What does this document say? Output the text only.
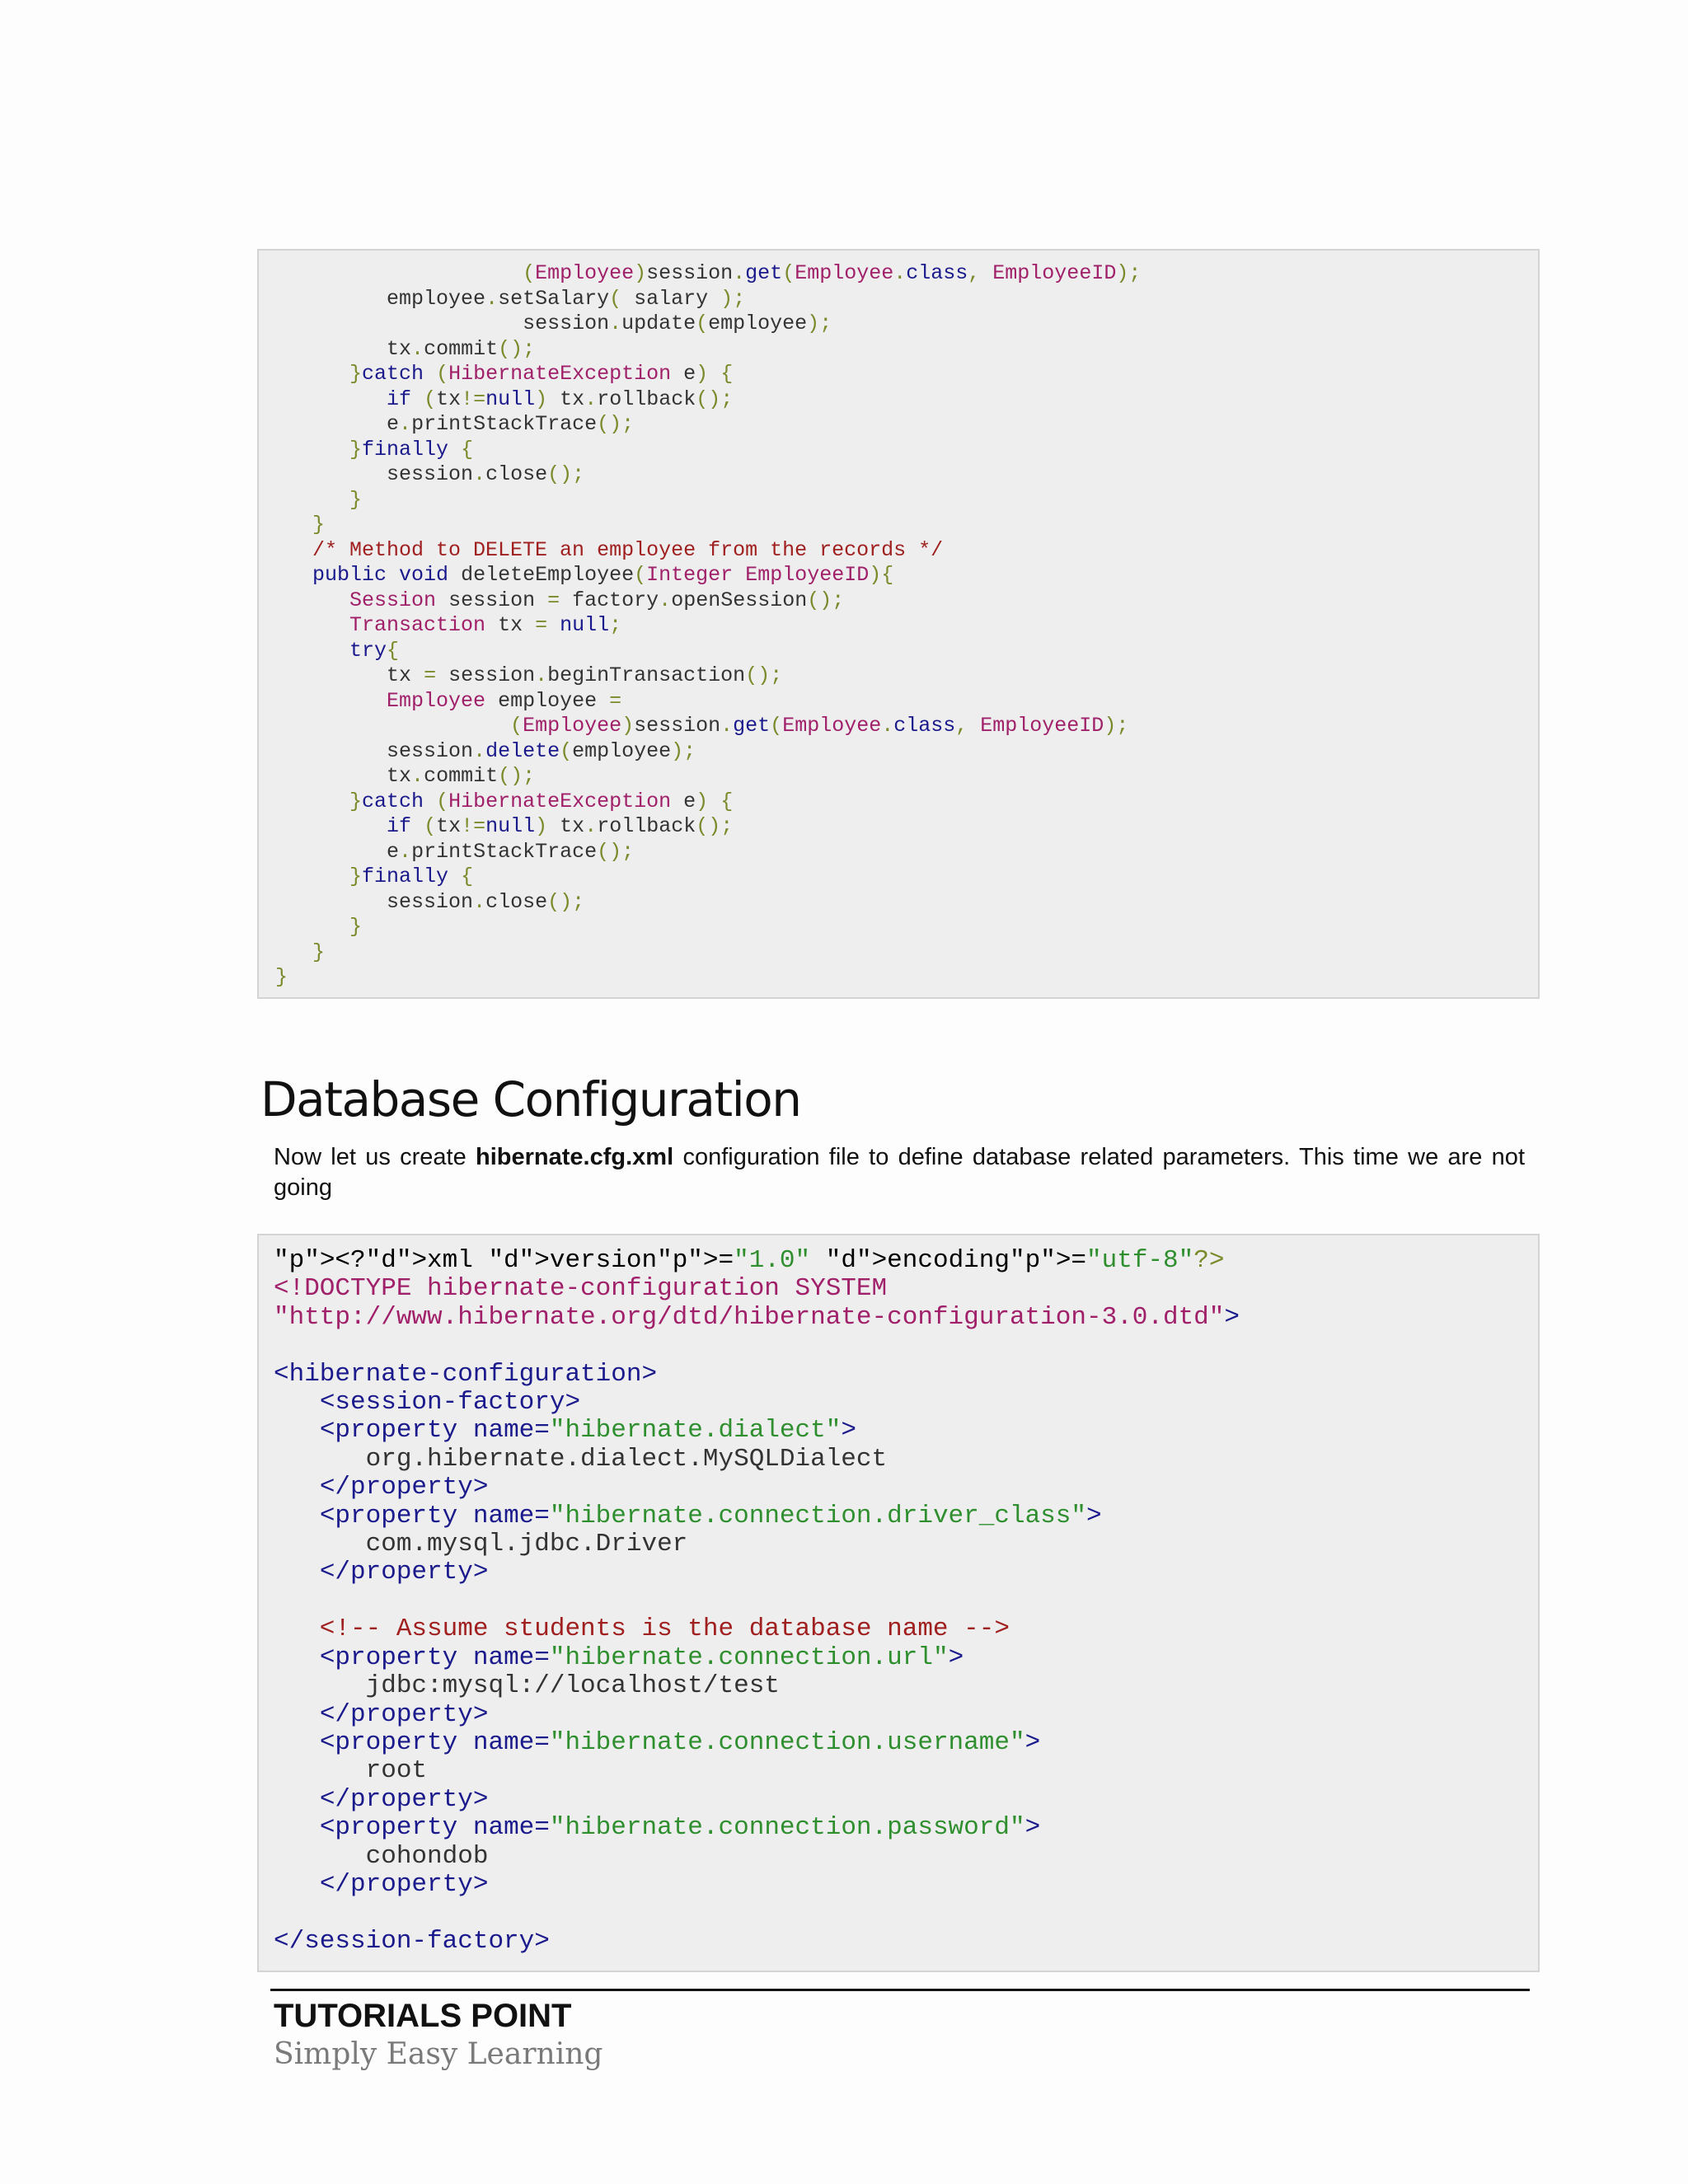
(Employee)session.get(Employee.class, EmployeeID);
employee.setSalary( salary );
session.update(employee);
tx.commit();
}catch (HibernateException e) {
if (tx!=null) tx.rollback();
e.printStackTrace();
}finally {
session.close();
}
}
/* Method to DELETE an employee from the records */
public void deleteEmployee(Integer EmployeeID){
Session session = factory.openSession();
Transaction tx = null;
try{
tx = session.beginTransaction();
Employee employee =
(Employee)session.get(Employee.class, EmployeeID);
session.delete(employee);
tx.commit();
}catch (HibernateException e) {
if (tx!=null) tx.rollback();
e.printStackTrace();
}finally {
session.close();
}
}
}
Database Configuration

Now let us create hibernate.cfg.xml configuration file to define database related parameters. This time we are not going

"p"><?"d">xml "d">version"p">="1.0" "d">encoding"p">="utf-8"?>
<!DOCTYPE hibernate-configuration SYSTEM
"http://www.hibernate.org/dtd/hibernate-configuration-3.0.dtd">
<hibernate-configuration>
<session-factory>
<property name="hibernate.dialect">
org.hibernate.dialect.MySQLDialect
</property>
<property name="hibernate.connection.driver_class">
com.mysql.jdbc.Driver
</property>
<!-- Assume students is the database name -->
<property name="hibernate.connection.url">
jdbc:mysql://localhost/test
</property>
<property name="hibernate.connection.username">
root
</property>
<property name="hibernate.connection.password">
cohondob
</property>
</session-factory>

TUTORIALS POINT

Simply Easy Learning
